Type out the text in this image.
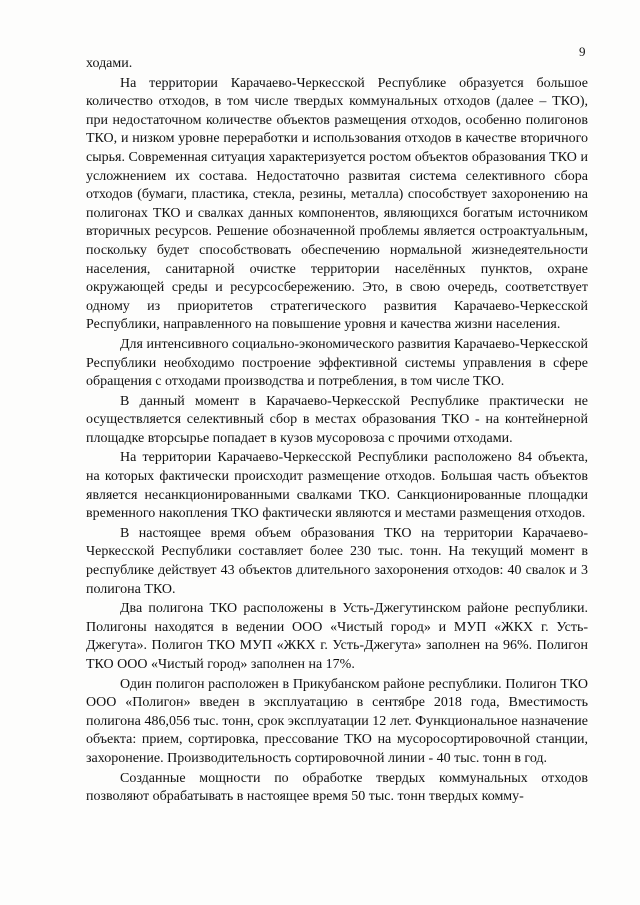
9

ходами.

На территории Карачаево-Черкесской Республике образуется большое количество отходов, в том числе твердых коммунальных отходов (далее – ТКО), при недостаточном количестве объектов размещения отходов, особенно полигонов ТКО, и низком уровне переработки и использования отходов в качестве вторичного сырья. Современная ситуация характеризуется ростом объектов образования ТКО и усложнением их состава. Недостаточно развитая система селективного сбора отходов (бумаги, пластика, стекла, резины, металла) способствует захоронению на полигонах ТКО и свалках данных компонентов, являющихся богатым источником вторичных ресурсов. Решение обозначенной проблемы является остроактуальным, поскольку будет способствовать обеспечению нормальной жизнедеятельности населения, санитарной очистке территории населённых пунктов, охране окружающей среды и ресурсосбережению. Это, в свою очередь, соответствует одному из приоритетов стратегического развития Карачаево-Черкесской Республики, направленного на повышение уровня и качества жизни населения.

Для интенсивного социально-экономического развития Карачаево-Черкесской Республики необходимо построение эффективной системы управления в сфере обращения с отходами производства и потребления, в том числе ТКО.

В данный момент в Карачаево-Черкесской Республике практически не осуществляется селективный сбор в местах образования ТКО - на контейнерной площадке вторсырье попадает в кузов мусоровоза с прочими отходами.

На территории Карачаево-Черкесской Республики расположено 84 объекта, на которых фактически происходит размещение отходов. Большая часть объектов является несанкционированными свалками ТКО. Санкционированные площадки временного накопления ТКО фактически являются и местами размещения отходов.

В настоящее время объем образования ТКО на территории Карачаево-Черкесской Республики составляет более 230 тыс. тонн. На текущий момент в республике действует 43 объектов длительного захоронения отходов: 40 свалок и 3 полигона ТКО.

Два полигона ТКО расположены в Усть-Джегутинском районе республики. Полигоны находятся в ведении ООО «Чистый город» и МУП «ЖКХ г. Усть-Джегута». Полигон ТКО МУП «ЖКХ г. Усть-Джегута» заполнен на 96%. Полигон ТКО ООО «Чистый город» заполнен на 17%.

Один полигон расположен в Прикубанском районе республики. Полигон ТКО ООО «Полигон» введен в эксплуатацию в сентябре 2018 года, Вместимость полигона 486,056 тыс. тонн, срок эксплуатации 12 лет. Функциональное назначение объекта: прием, сортировка, прессование ТКО на мусоросортировочной станции, захоронение. Производительность сортировочной линии - 40 тыс. тонн в год.

Созданные мощности по обработке твердых коммунальных отходов позволяют обрабатывать в настоящее время 50 тыс. тонн твердых комму-
